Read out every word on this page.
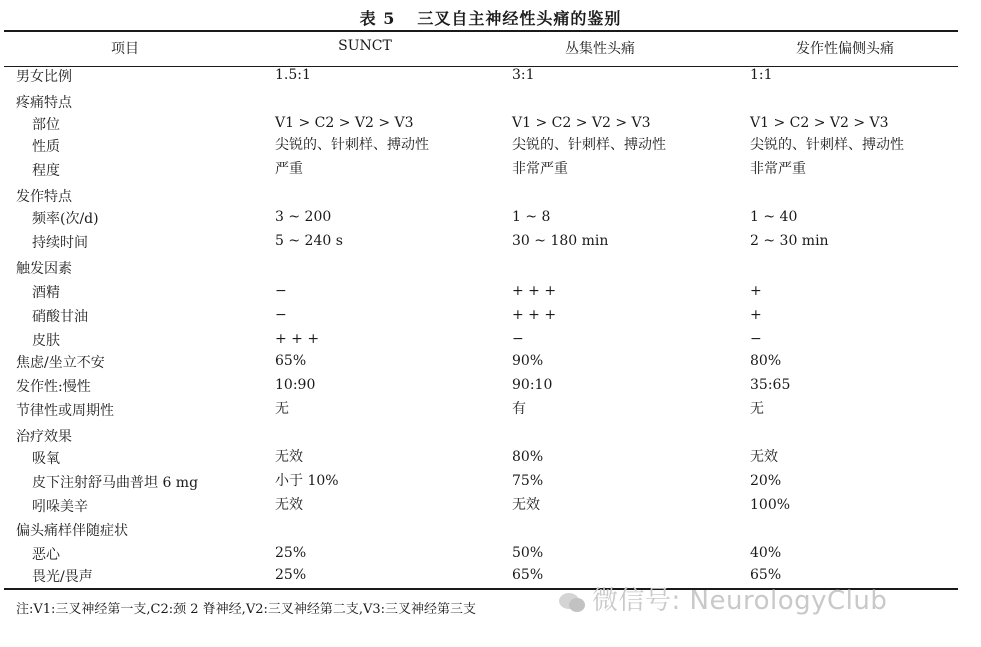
表 5 三叉自主神经性头痛的鉴别
项目	SUNCT	丛集性头痛	发作性偏侧头痛
男女比例	1.5:1	3:1	1:1
疼痛特点
部位	V1 > C2 > V2 > V3	V1 > C2 > V2 > V3	V1 > C2 > V2 > V3
性质	尖锐的、针刺样、搏动性	尖锐的、针刺样、搏动性	尖锐的、针刺样、搏动性
程度	严重	非常严重	非常严重
发作特点
频率(次/d)	3 ~ 200	1 ~ 8	1 ~ 40
持续时间	5 ~ 240 s	30 ~ 180 min	2 ~ 30 min
触发因素
酒精	−	+ + +	+
硝酸甘油	−	+ + +	+
皮肤	+ + +	−	−
焦虑/坐立不安	65%	90%	80%
发作性:慢性	10:90	90:10	35:65
节律性或周期性	无	有	无
治疗效果
吸氧	无效	80%	无效
皮下注射舒马曲普坦 6 mg	小于 10%	75%	20%
吲哚美辛	无效	无效	100%
偏头痛样伴随症状
恶心	25%	50%	40%
畏光/畏声	25%	65%	65%
注:V1:三叉神经第一支,C2:颈 2 脊神经,V2:三叉神经第二支,V3:三叉神经第三支	微信号: NeurologyClub
